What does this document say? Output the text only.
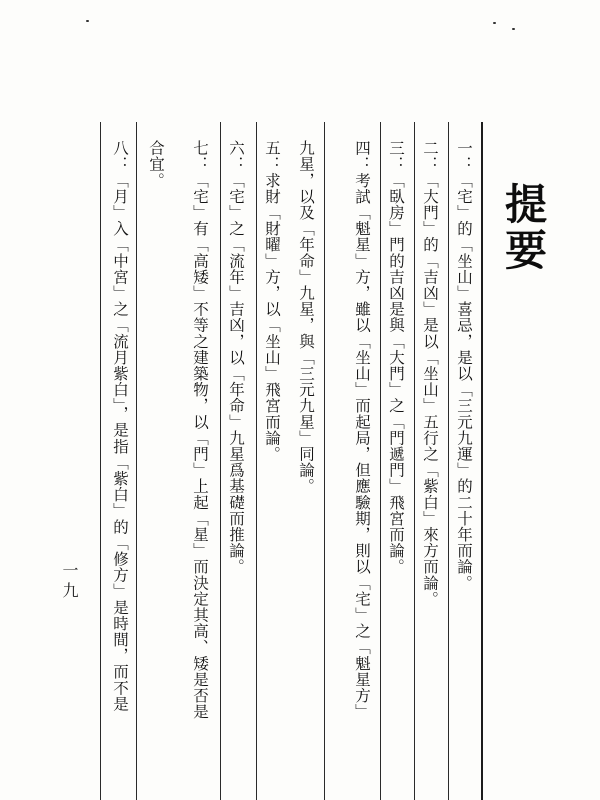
提要
一：「宅」的「坐山」喜忌，是以「三元九運」的二十年而論。
二：「大門」的「吉凶」是以「坐山」五行之「紫白」來方而論。
三：「臥房」門的吉凶是與「大門」之「門遞門」飛宮而論。
四：考試「魁星」方，雖以「坐山」而起局，但應驗期，則以「宅」之「魁星方」
九星，以及「年命」九星，與「三元九星」同論。
五：求財「財曜」方，以「坐山」飛宮而論。
六：「宅」之「流年」吉凶，以「年命」九星爲基礎而推論。
七：「宅」有「高矮」不等之建築物，以「門」上起「星」而決定其高、矮是否是
合宜。
八：「月」入「中宮」之「流月紫白」，是指「紫白」的「修方」是時間，而不是
一九
